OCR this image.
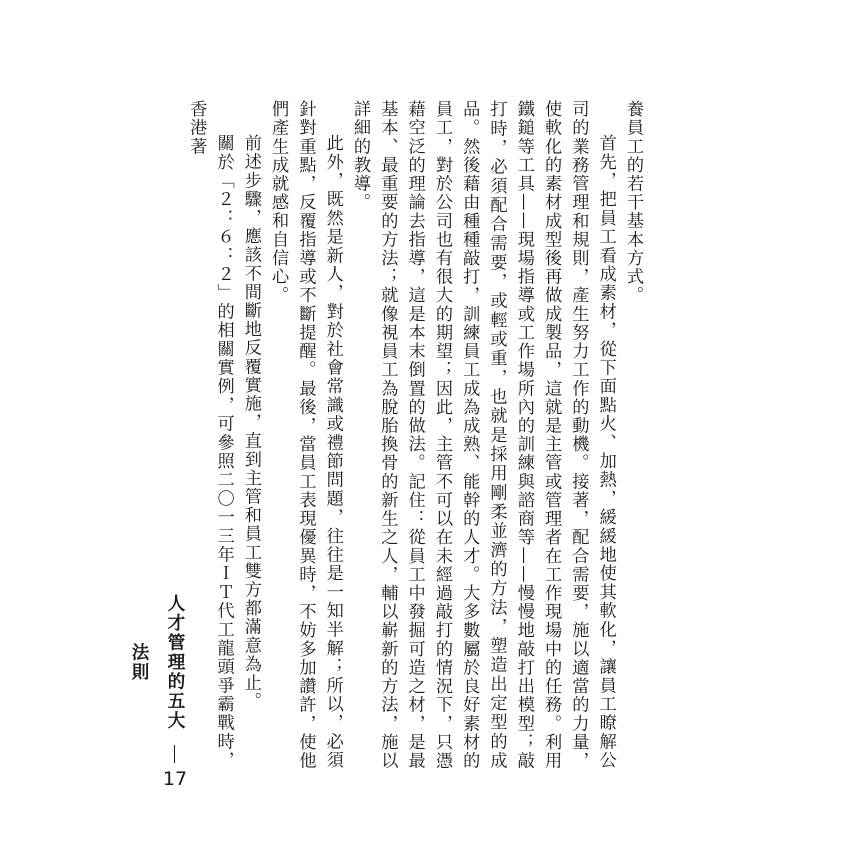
養員工的若干基本方式。

首先，把員工看成素材，從下面點火、加熱，緩緩地使其軟化，讓員工瞭解公司的業務管理和規則，產生努力工作的動機。接著，配合需要，施以適當的力量，使軟化的素材成型後再做成製品，這就是主管或管理者在工作現場中的任務。利用鐵鎚等工具——現場指導或工作場所內的訓練與諮商等——慢慢地敲打出模型；敲打時，必須配合需要，或輕或重，也就是採用剛柔並濟的方法，塑造出定型的成品。然後藉由種種敲打，訓練員工成為成熟、能幹的人才。大多數屬於良好素材的員工，對於公司也有很大的期望；因此，主管不可以在未經過敲打的情況下，只憑藉空泛的理論去指導，這是本末倒置的做法。記住：從員工中發掘可造之材，是最基本、最重要的方法；就像視員工為脫胎換骨的新生之人，輔以嶄新的方法，施以詳細的教導。

此外，既然是新人，對於社會常識或禮節問題，往往是一知半解；所以，必須針對重點，反覆指導或不斷提醒。最後，當員工表現優異時，不妨多加讚許，使他們產生成就感和自信心。

前述步驟，應該不間斷地反覆實施，直到主管和員工雙方都滿意為止。

關於「２：６：２」的相關實例，可參照二〇一三年ＩＴ代工龍頭爭霸戰時，香港著

人才管理的五大法則
17
